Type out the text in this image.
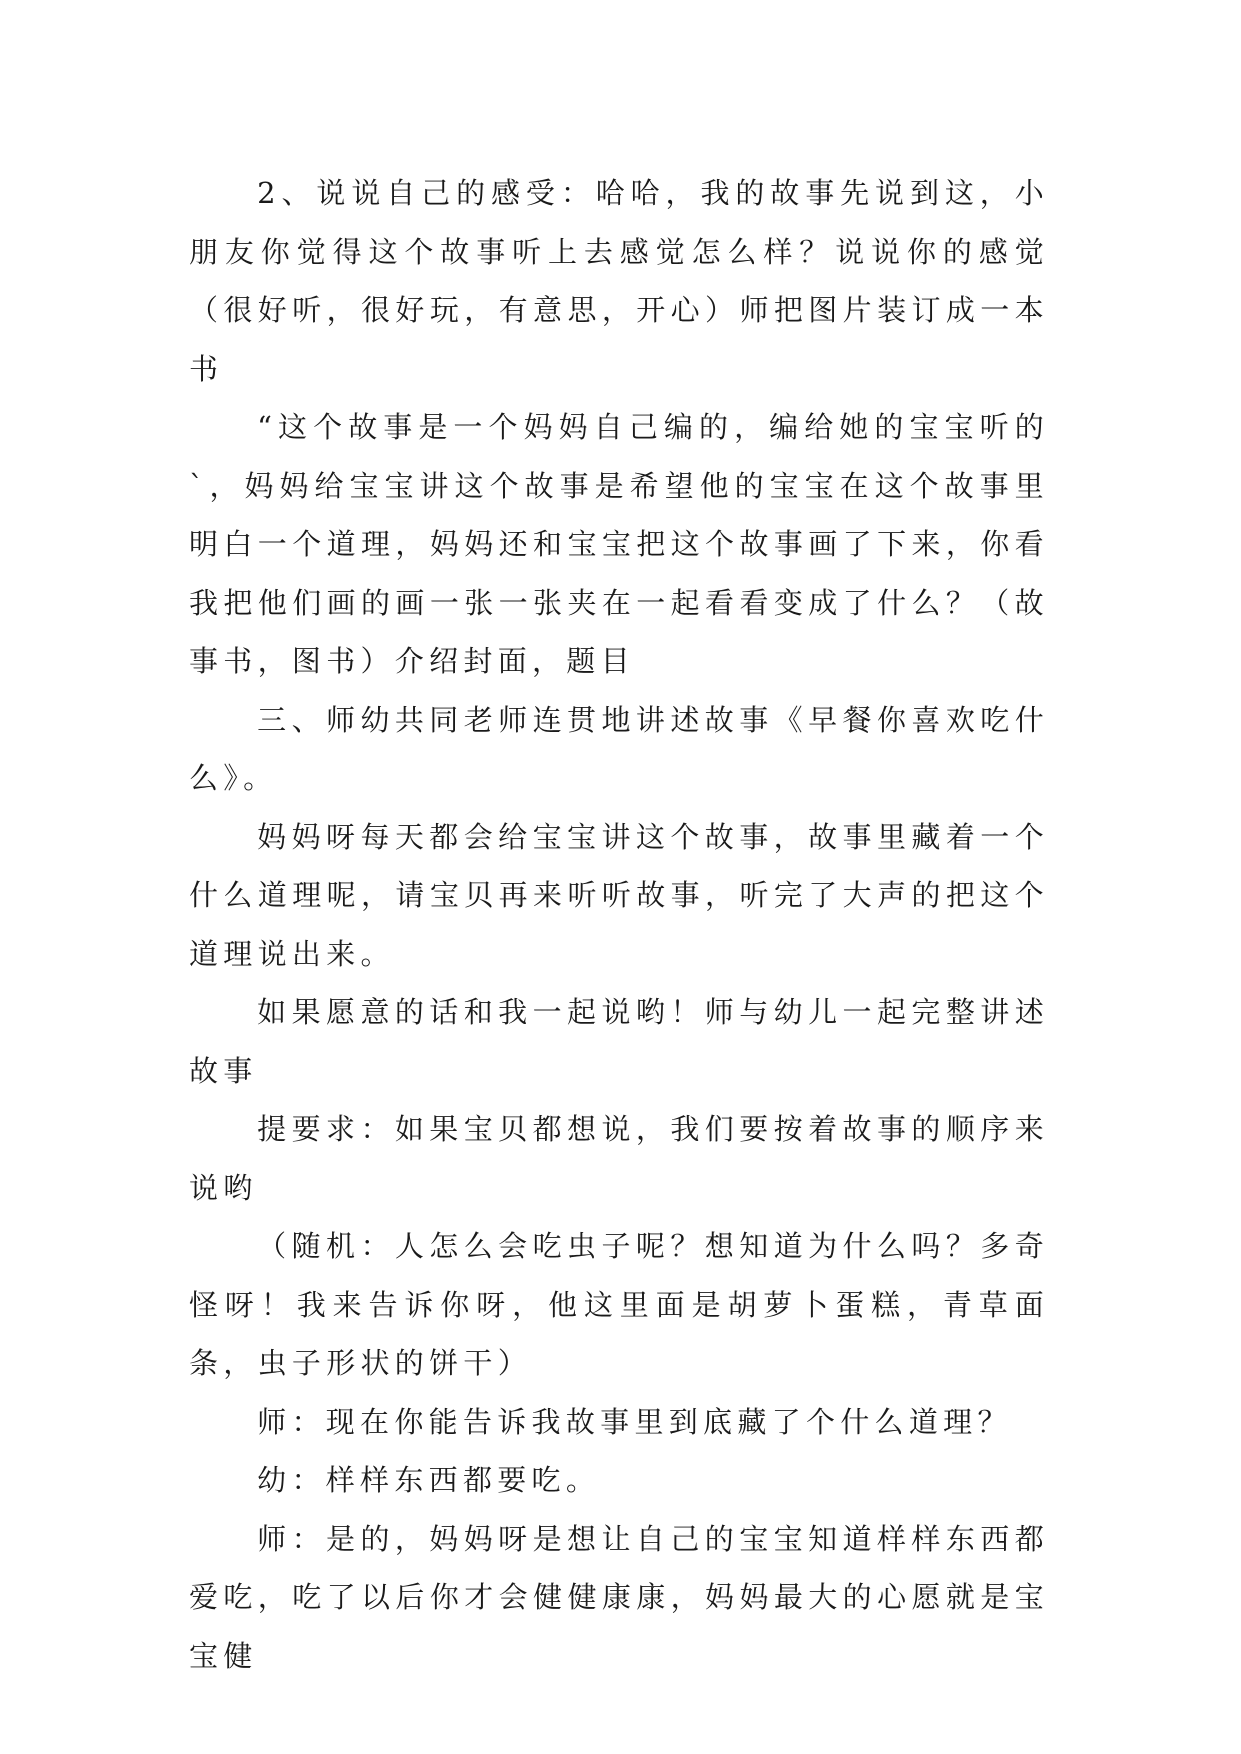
2、说说自己的感受：哈哈，我的故事先说到这，小朋友你觉得这个故事听上去感觉怎么样？说说你的感觉（很好听，很好玩，有意思，开心）师把图片装订成一本书

“这个故事是一个妈妈自己编的，编给她的宝宝听的`，妈妈给宝宝讲这个故事是希望他的宝宝在这个故事里明白一个道理，妈妈还和宝宝把这个故事画了下来，你看我把他们画的画一张一张夹在一起看看变成了什么？（故事书，图书）介绍封面，题目

三、师幼共同老师连贯地讲述故事《早餐你喜欢吃什么》。

妈妈呀每天都会给宝宝讲这个故事，故事里藏着一个什么道理呢，请宝贝再来听听故事，听完了大声的把这个道理说出来。

如果愿意的话和我一起说哟！师与幼儿一起完整讲述故事

提要求：如果宝贝都想说，我们要按着故事的顺序来说哟

（随机：人怎么会吃虫子呢？想知道为什么吗？多奇怪呀！我来告诉你呀，他这里面是胡萝卜蛋糕，青草面条，虫子形状的饼干）

师：现在你能告诉我故事里到底藏了个什么道理？

幼：样样东西都要吃。

师：是的，妈妈呀是想让自己的宝宝知道样样东西都爱吃，吃了以后你才会健健康康，妈妈最大的心愿就是宝宝健
